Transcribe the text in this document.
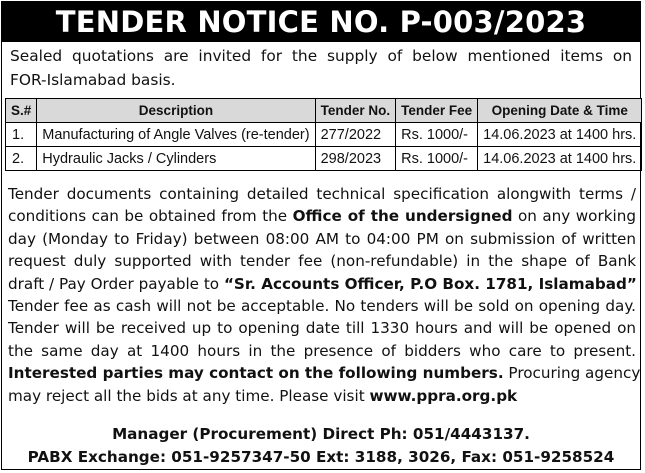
TENDER NOTICE NO. P-003/2023
Sealed quotations are invited for the supply of below mentioned items on
FOR-Islamabad basis.
S.#	Description	Tender No.	Tender Fee	Opening Date & Time
1.	Manufacturing of Angle Valves (re-tender)	277/2022	Rs. 1000/-	14.06.2023 at 1400 hrs.
2.	Hydraulic Jacks / Cylinders	298/2023	Rs. 1000/-	14.06.2023 at 1400 hrs.
Tender documents containing detailed technical specification alongwith terms /
conditions can be obtained from the Office of the undersigned on any working
day (Monday to Friday) between 08:00 AM to 04:00 PM on submission of written
request duly supported with tender fee (non-refundable) in the shape of Bank
draft / Pay Order payable to “Sr. Accounts Officer, P.O Box. 1781, Islamabad”
Tender fee as cash will not be acceptable. No tenders will be sold on opening day.
Tender will be received up to opening date till 1330 hours and will be opened on
the same day at 1400 hours in the presence of bidders who care to present.
Interested parties may contact on the following numbers. Procuring agency
may reject all the bids at any time. Please visit www.ppra.org.pk
Manager (Procurement) Direct Ph: 051/4443137.
PABX Exchange: 051-9257347-50 Ext: 3188, 3026, Fax: 051-9258524
